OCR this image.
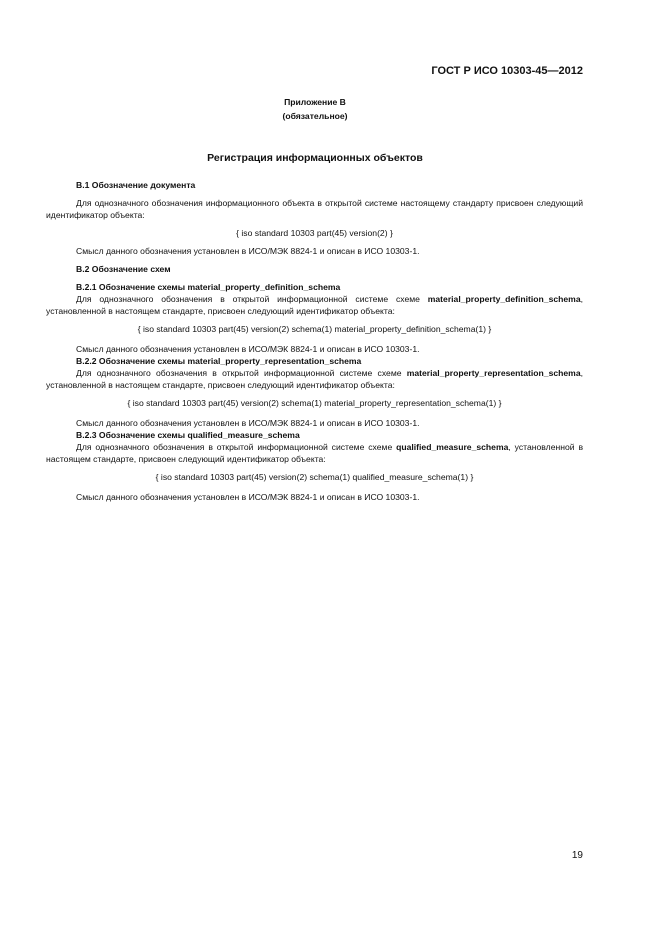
ГОСТ Р ИСО 10303-45—2012
Приложение В
(обязательное)
Регистрация информационных объектов
В.1 Обозначение документа
Для однозначного обозначения информационного объекта в открытой системе настоящему стандарту присвоен следующий идентификатор объекта:
{ iso standard 10303 part(45) version(2) }
Смысл данного обозначения установлен в ИСО/МЭК 8824-1 и описан в ИСО 10303-1.
В.2 Обозначение схем
В.2.1 Обозначение схемы material_property_definition_schema
Для однозначного обозначения в открытой информационной системе схеме material_property_definition_schema, установленной в настоящем стандарте, присвоен следующий идентификатор объекта:
{ iso standard 10303 part(45) version(2) schema(1) material_property_definition_schema(1) }
Смысл данного обозначения установлен в ИСО/МЭК 8824-1 и описан в ИСО 10303-1.
В.2.2 Обозначение схемы material_property_representation_schema
Для однозначного обозначения в открытой информационной системе схеме material_property_representation_schema, установленной в настоящем стандарте, присвоен следующий идентификатор объекта:
{ iso standard 10303 part(45) version(2) schema(1) material_property_representation_schema(1) }
Смысл данного обозначения установлен в ИСО/МЭК 8824-1 и описан в ИСО 10303-1.
В.2.3 Обозначение схемы qualified_measure_schema
Для однозначного обозначения в открытой информационной системе схеме qualified_measure_schema, установленной в настоящем стандарте, присвоен следующий идентификатор объекта:
{ iso standard 10303 part(45) version(2) schema(1) qualified_measure_schema(1) }
Смысл данного обозначения установлен в ИСО/МЭК 8824-1 и описан в ИСО 10303-1.
19
